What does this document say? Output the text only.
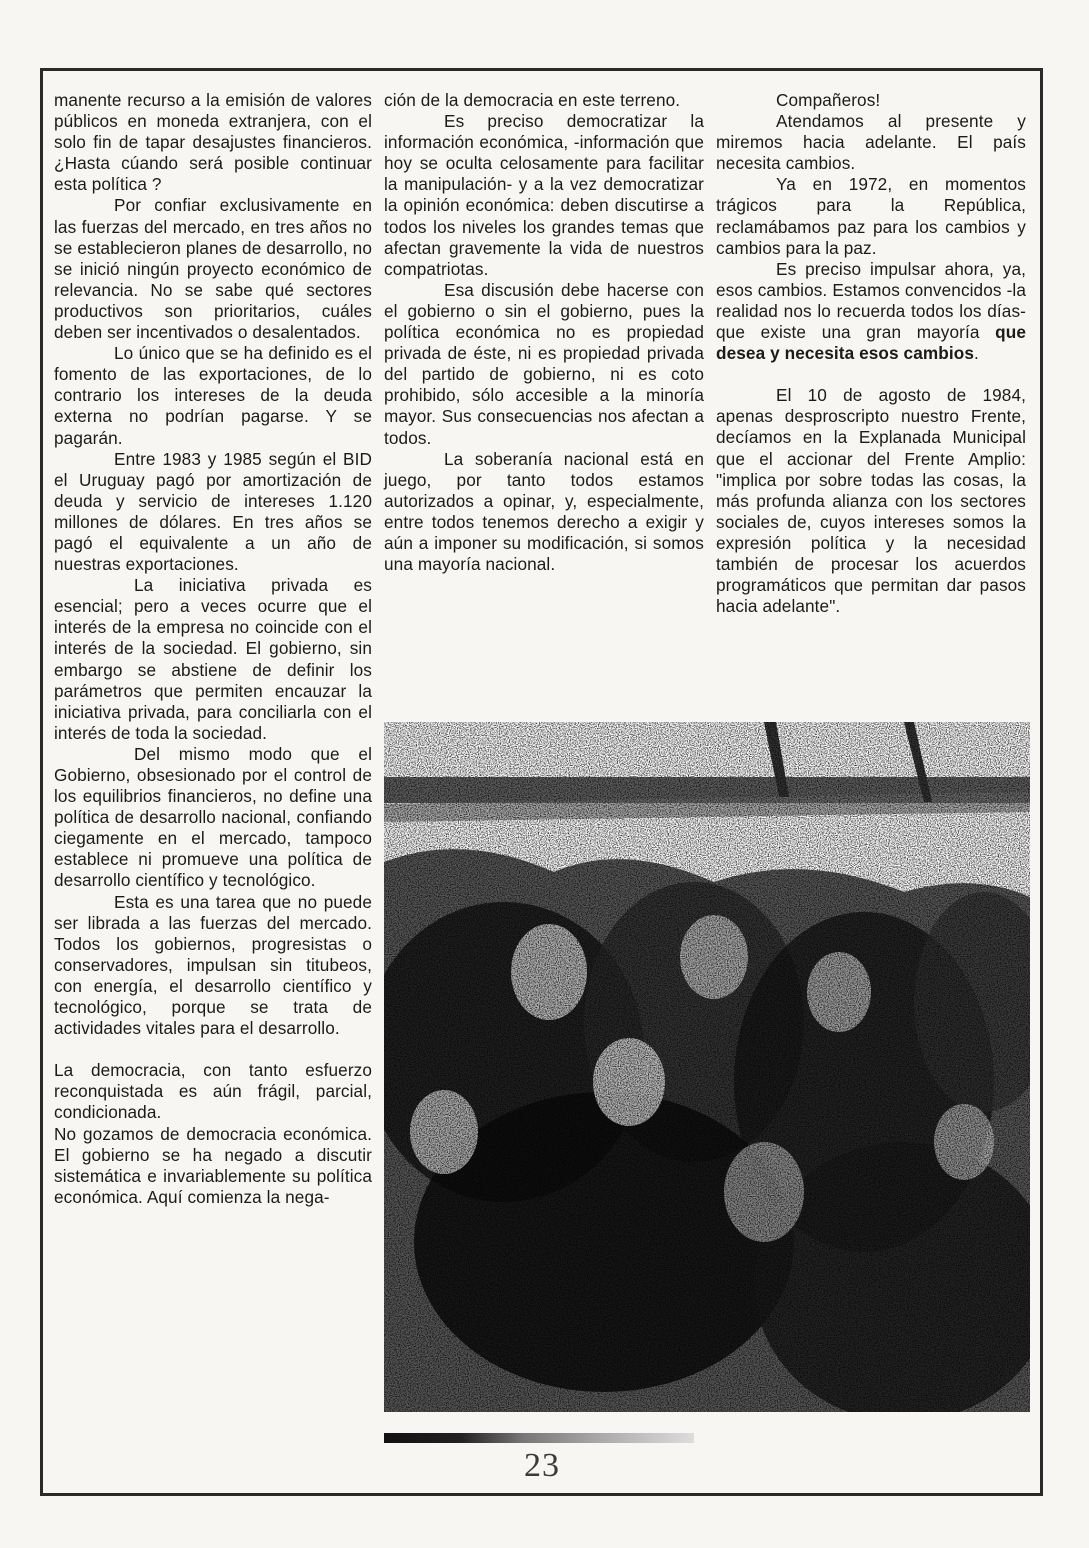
manente recurso a la emisión de valores públicos en moneda extranjera, con el solo fin de tapar desajustes financieros. ¿Hasta cúando será posible continuar esta política ?

Por confiar exclusivamente en las fuerzas del mercado, en tres años no se establecieron planes de desarrollo, no se inició ningún proyecto económico de relevancia. No se sabe qué sectores productivos son prioritarios, cuáles deben ser incentivados o desalentados.

Lo único que se ha definido es el fomento de las exportaciones, de lo contrario los intereses de la deuda externa no podrían pagarse. Y se pagarán.

Entre 1983 y 1985 según el BID el Uruguay pagó por amortización de deuda y servicio de intereses 1.120 millones de dólares. En tres años se pagó el equivalente a un año de nuestras exportaciones.

La iniciativa privada es esencial; pero a veces ocurre que el interés de la empresa no coincide con el interés de la sociedad. El gobierno, sin embargo se abstiene de definir los parámetros que permiten encauzar la iniciativa privada, para conciliarla con el interés de toda la sociedad.

Del mismo modo que el Gobierno, obsesionado por el control de los equilibrios financieros, no define una política de desarrollo nacional, confiando ciegamente en el mercado, tampoco establece ni promueve una política de desarrollo científico y tecnológico.

Esta es una tarea que no puede ser librada a las fuerzas del mercado. Todos los gobiernos, progresistas o conservadores, impulsan sin titubeos, con energía, el desarrollo científico y tecnológico, porque se trata de actividades vitales para el desarrollo.

La democracia, con tanto esfuerzo reconquistada es aún frágil, parcial, condicionada.

No gozamos de democracia económica. El gobierno se ha negado a discutir sistemática e invariablemente su política económica. Aquí comienza la nega-

ción de la democracia en este terreno.

Es preciso democratizar la información económica, -información que hoy se oculta celosamente para facilitar la manipulación- y a la vez democratizar la opinión económica: deben discutirse a todos los niveles los grandes temas que afectan gravemente la vida de nuestros compatriotas.

Esa discusión debe hacerse con el gobierno o sin el gobierno, pues la política económica no es propiedad privada de éste, ni es propiedad privada del partido de gobierno, ni es coto prohibido, sólo accesible a la minoría mayor. Sus consecuencias nos afectan a todos.

La soberanía nacional está en juego, por tanto todos estamos autorizados a opinar, y, especialmente, entre todos tenemos derecho a exigir y aún a imponer su modificación, si somos una mayoría nacional.

Compañeros!

Atendamos al presente y miremos hacia adelante. El país necesita cambios.

Ya en 1972, en momentos trágicos para la República, reclamábamos paz para los cambios y cambios para la paz.

Es preciso impulsar ahora, ya, esos cambios. Estamos convencidos -la realidad nos lo recuerda todos los días- que existe una gran mayoría que desea y necesita esos cambios.

El 10 de agosto de 1984, apenas desproscripto nuestro Frente, decíamos en la Explanada Municipal que el accionar del Frente Amplio: "implica por sobre todas las cosas, la más profunda alianza con los sectores sociales de, cuyos intereses somos la expresión política y la necesidad también de procesar los acuerdos programáticos que permitan dar pasos hacia adelante".

23
